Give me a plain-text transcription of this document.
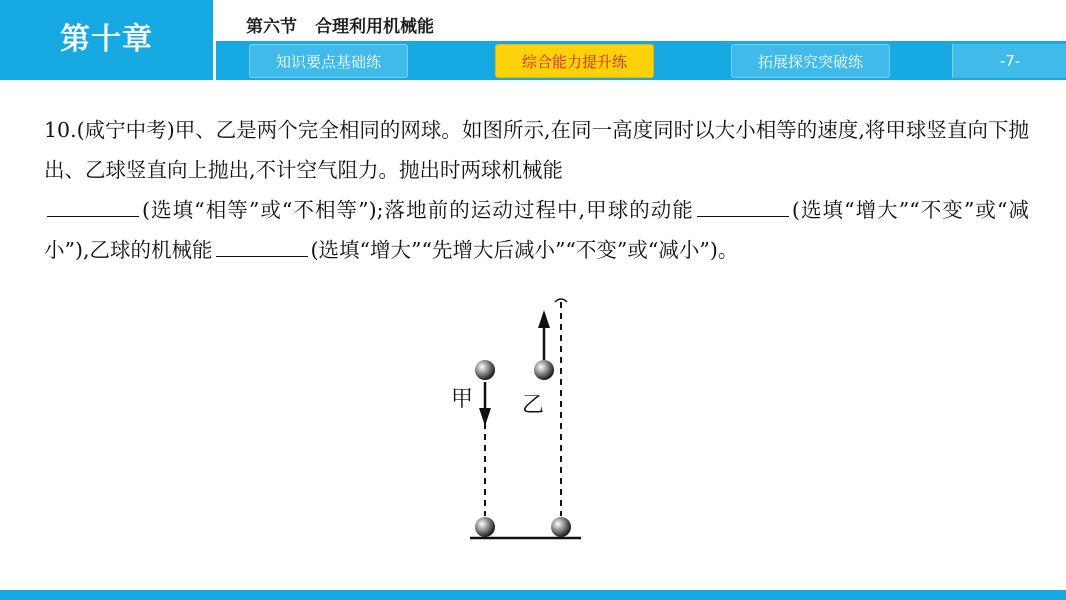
第十章	第六节 合理利用机械能
知识要点基础练	综合能力提升练	拓展探究突破练	-7-

10.(咸宁中考)甲、乙是两个完全相同的网球。如图所示,在同一高度同时以大小相等的速度,将甲球竖直向下抛出、乙球竖直向上抛出,不计空气阻力。抛出时两球机械能
(选填“相等”或“不相等”);落地前的运动过程中,甲球的动能	(选填“增大”“不变”或“减小”),乙球的机械能	(选填“增大”“先增大后减小”“不变”或“减小”)。

甲 乙
